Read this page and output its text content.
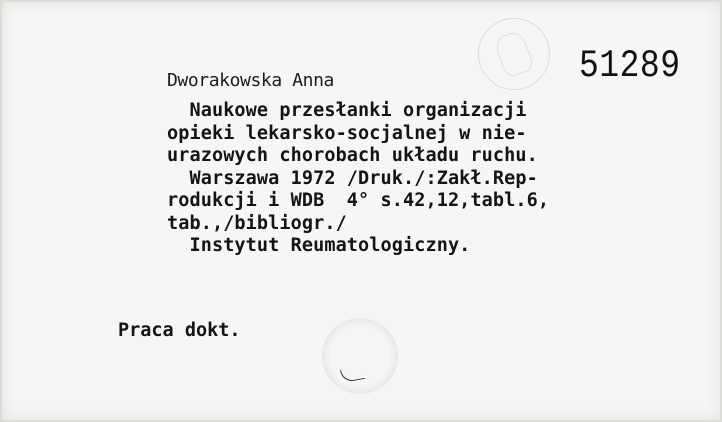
51289
Dworakowska Anna
Naukowe przesłanki organizacji
opieki lekarsko-socjalnej w nie-
urazowych chorobach układu ruchu.
Warszawa 1972 /Druk./:Zakł.Rep-
rodukcji i WDB  4° s.42,12,tabl.6,
tab.,/bibliogr./
Instytut Reumatologiczny.
Praca dokt.
